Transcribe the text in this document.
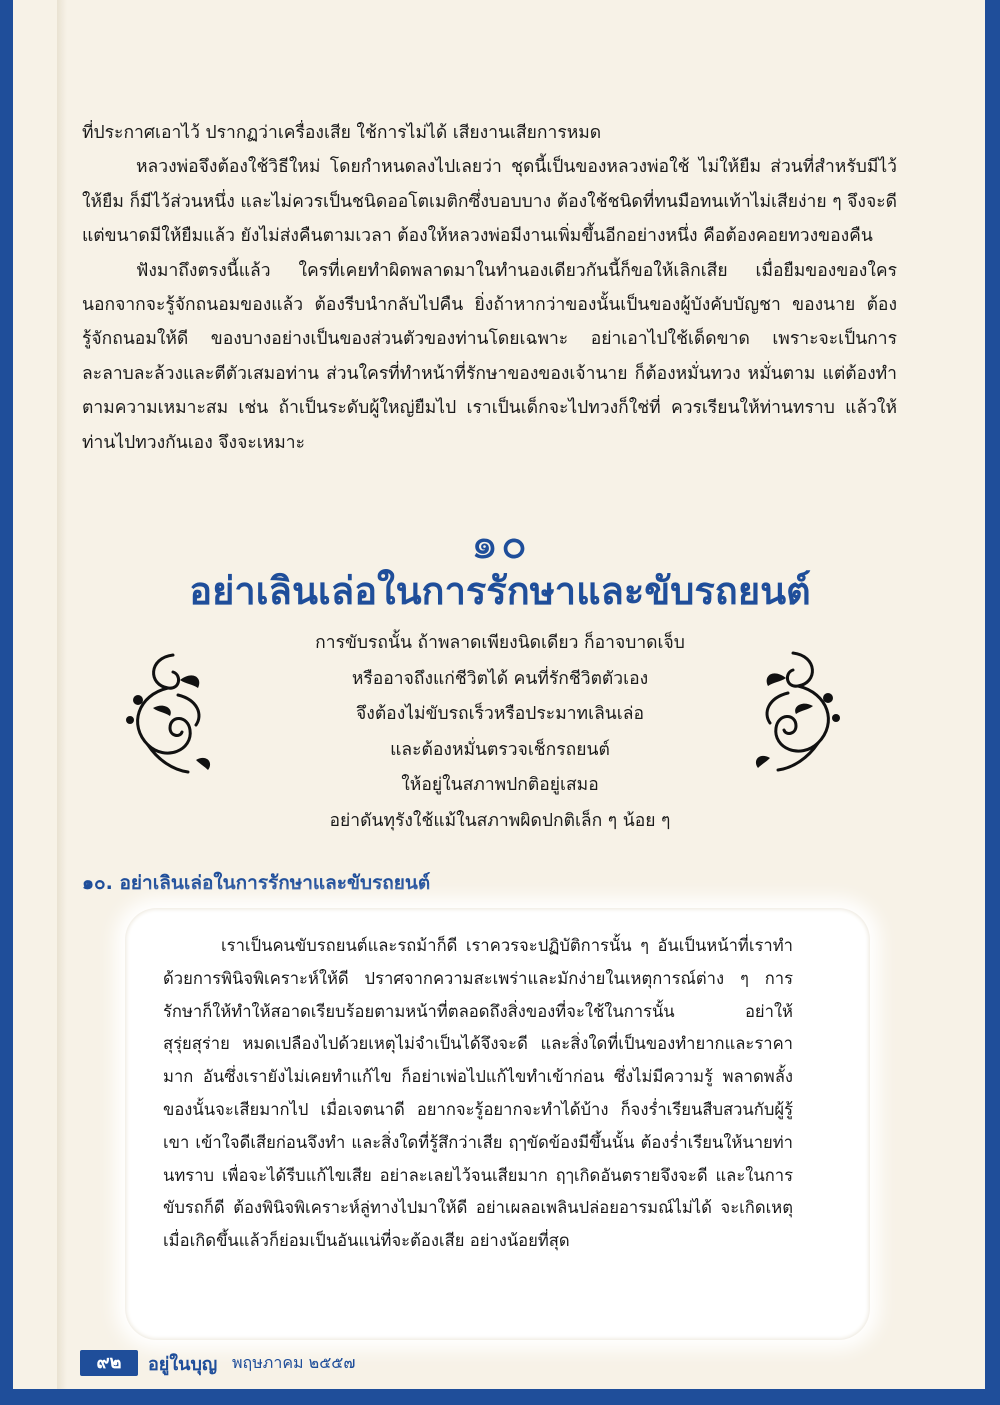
ที่ประกาศเอาไว้ ปรากฏว่าเครื่องเสีย ใช้การไม่ได้ เสียงานเสียการหมด

หลวงพ่อจึงต้องใช้วิธีใหม่ โดยกำหนดลงไปเลยว่า ชุดนี้เป็นของหลวงพ่อใช้ ไม่ให้ยืม ส่วนที่สำหรับมีไว้ให้ยืม ก็มีไว้ส่วนหนึ่ง และไม่ควรเป็นชนิดออโตเมติกซึ่งบอบบาง ต้องใช้ชนิดที่ทนมือทนเท้าไม่เสียง่าย ๆ จึงจะดี แต่ขนาดมีให้ยืมแล้ว ยังไม่ส่งคืนตามเวลา ต้องให้หลวงพ่อมีงานเพิ่มขึ้นอีกอย่างหนึ่ง คือต้องคอยทวงของคืน

ฟังมาถึงตรงนี้แล้ว ใครที่เคยทำผิดพลาดมาในทำนองเดียวกันนี้ก็ขอให้เลิกเสีย เมื่อยืมของของใคร นอกจากจะรู้จักถนอมของแล้ว ต้องรีบนำกลับไปคืน ยิ่งถ้าหากว่าของนั้นเป็นของผู้บังคับบัญชา ของนาย ต้องรู้จักถนอมให้ดี ของบางอย่างเป็นของส่วนตัวของท่านโดยเฉพาะ อย่าเอาไปใช้เด็ดขาด เพราะจะเป็นการละลาบละล้วงและตีตัวเสมอท่าน ส่วนใครที่ทำหน้าที่รักษาของของเจ้านาย ก็ต้องหมั่นทวง หมั่นตาม แต่ต้องทำตามความเหมาะสม เช่น ถ้าเป็นระดับผู้ใหญ่ยืมไป เราเป็นเด็กจะไปทวงก็ใช่ที่ ควรเรียนให้ท่านทราบ แล้วให้ท่านไปทวงกันเอง จึงจะเหมาะ

๑๐
อย่าเลินเล่อในการรักษาและขับรถยนต์
การขับรถนั้น ถ้าพลาดเพียงนิดเดียว ก็อาจบาดเจ็บ
หรืออาจถึงแก่ชีวิตได้ คนที่รักชีวิตตัวเอง
จึงต้องไม่ขับรถเร็วหรือประมาทเลินเล่อ
และต้องหมั่นตรวจเช็กรถยนต์
ให้อยู่ในสภาพปกติอยู่เสมอ
อย่าดันทุรังใช้แม้ในสภาพผิดปกติเล็ก ๆ น้อย ๆ
๑๐. อย่าเลินเล่อในการรักษาและขับรถยนต์

เราเป็นคนขับรถยนต์และรถม้าก็ดี เราควรจะปฏิบัติการนั้น ๆ อันเป็นหน้าที่เราทำด้วยการพินิจพิเคราะห์ให้ดี ปราศจากความสะเพร่าและมักง่ายในเหตุการณ์ต่าง ๆ การรักษาก็ให้ทำให้สอาดเรียบร้อยตามหน้าที่ตลอดถึงสิ่งของที่จะใช้ในการนั้น อย่าให้สุรุ่ยสุร่าย หมดเปลืองไปด้วยเหตุไม่จำเป็นได้จึงจะดี และสิ่งใดที่เป็นของทำยากและราคามาก อันซึ่งเรายังไม่เคยทำแก้ไข ก็อย่าเพ่อไปแก้ไขทำเข้าก่อน ซึ่งไม่มีความรู้ พลาดพลั้งของนั้นจะเสียมากไป เมื่อเจตนาดี อยากจะรู้อยากจะทำได้บ้าง ก็จงร่ำเรียนสืบสวนกับผู้รู้เขา เข้าใจดีเสียก่อนจึงทำ และสิ่งใดที่รู้สึกว่าเสีย ฤๅขัดข้องมีขึ้นนั้น ต้องร่ำเรียนให้นายท่านทราบ เพื่อจะได้รีบแก้ไขเสีย อย่าละเลยไว้จนเสียมาก ฤๅเกิดอันตรายจึงจะดี และในการขับรถก็ดี ต้องพินิจพิเคราะห์ลู่ทางไปมาให้ดี อย่าเผลอเพลินปล่อยอารมณ์ไม่ได้ จะเกิดเหตุ เมื่อเกิดขึ้นแล้วก็ย่อมเป็นอันแน่ที่จะต้องเสีย อย่างน้อยที่สุด

๙๒	อยู่ในบุญ พฤษภาคม ๒๕๕๗
